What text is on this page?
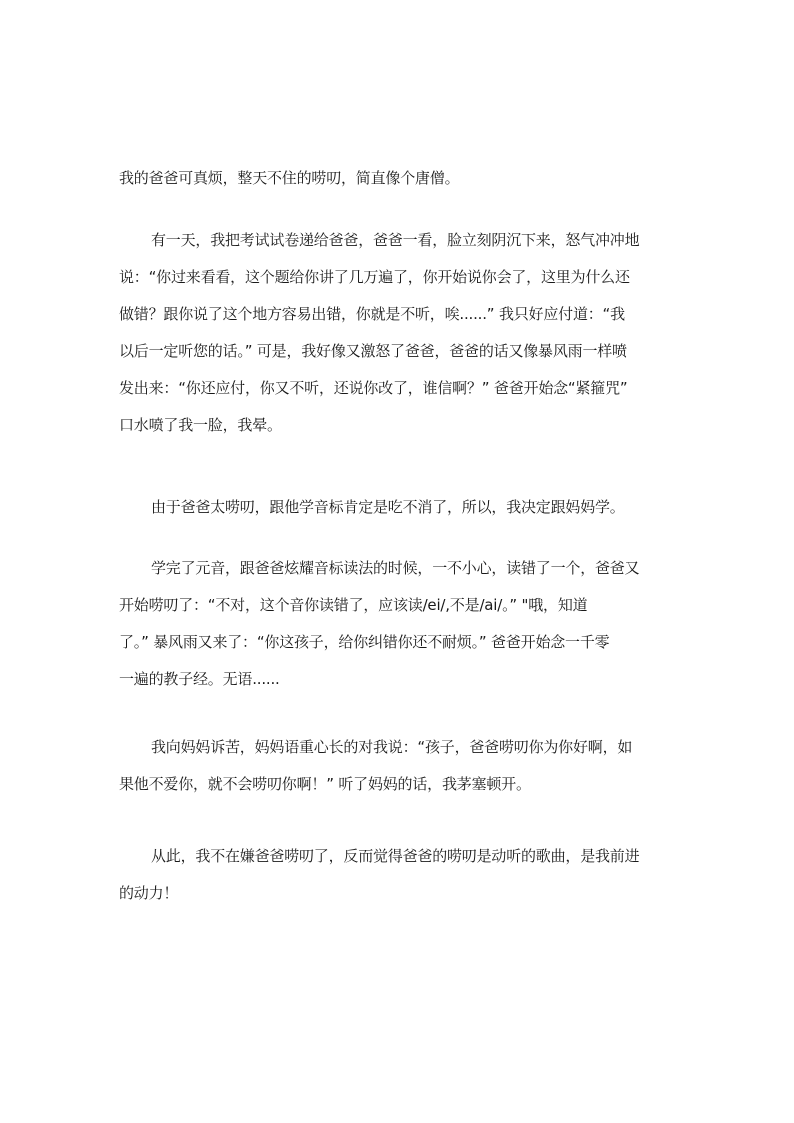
我的爸爸可真烦，整天不住的唠叨，简直像个唐僧。
有一天，我把考试试卷递给爸爸，爸爸一看，脸立刻阴沉下来，怒气冲冲地
说：“你过来看看，这个题给你讲了几万遍了，你开始说你会了，这里为什么还
做错？跟你说了这个地方容易出错，你就是不听，唉......” 我只好应付道：“我
以后一定听您的话。” 可是，我好像又激怒了爸爸，爸爸的话又像暴风雨一样喷
发出来：“你还应付，你又不听，还说你改了，谁信啊？” 爸爸开始念“紧箍咒”
口水喷了我一脸，我晕。
由于爸爸太唠叨，跟他学音标肯定是吃不消了，所以，我决定跟妈妈学。
学完了元音，跟爸爸炫耀音标读法的时候，一不小心，读错了一个，爸爸又
开始唠叨了：“不对，这个音你读错了，应该读/ei/,不是/ai/。” "哦，知道
了。” 暴风雨又来了：“你这孩子，给你纠错你还不耐烦。” 爸爸开始念一千零
一遍的教子经。无语......
我向妈妈诉苦，妈妈语重心长的对我说：“孩子，爸爸唠叨你为你好啊，如
果他不爱你，就不会唠叨你啊！” 听了妈妈的话，我茅塞顿开。
从此，我不在嫌爸爸唠叨了，反而觉得爸爸的唠叨是动听的歌曲，是我前进
的动力！
